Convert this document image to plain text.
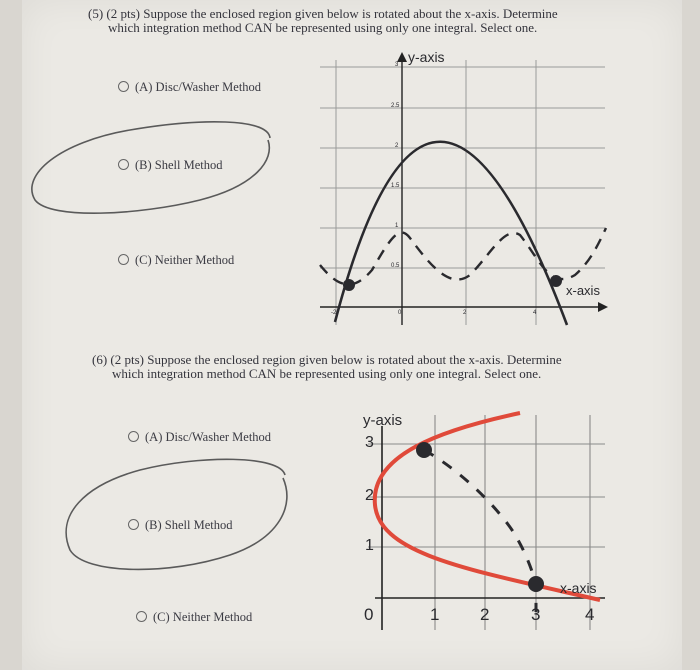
(5) (2 pts) Suppose the enclosed region given below is rotated about the x-axis. Determine
which integration method CAN be represented using only one integral. Select one.
(A) Disc/Washer Method
(B) Shell Method
(C) Neither Method
y-axis
x-axis
3
2.5
2
1.5
1
0.5
-2	0	2	4
(6) (2 pts) Suppose the enclosed region given below is rotated about the x-axis. Determine
which integration method CAN be represented using only one integral. Select one.
(A) Disc/Washer Method
(B) Shell Method
(C) Neither Method
y-axis
x-axis
3
2
1
0	1 2 3	4
